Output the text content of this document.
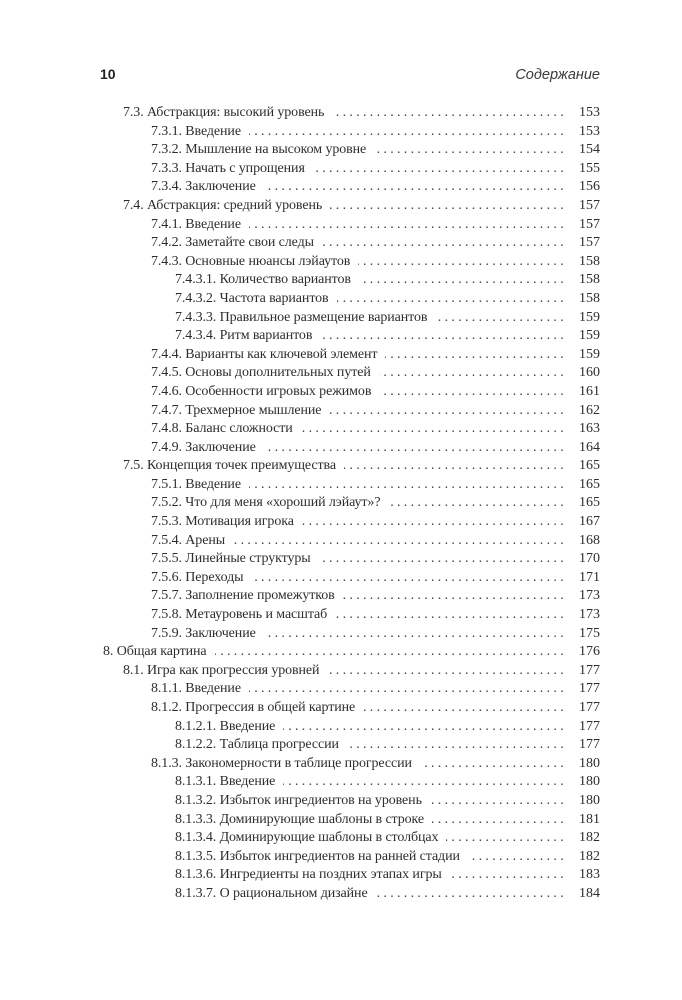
10	Содержание
7.3. Абстракция: высокий уровень .....	153
7.3.1. Введение .....	153
7.3.2. Мышление на высоком уровне .....	154
7.3.3. Начать с упрощения .....	155
7.3.4. Заключение .....	156
7.4. Абстракция: средний уровень .....	157
7.4.1. Введение .....	157
7.4.2. Заметайте свои следы .....	157
7.4.3. Основные нюансы лэйаутов .....	158
7.4.3.1. Количество вариантов .....	158
7.4.3.2. Частота вариантов .....	158
7.4.3.3. Правильное размещение вариантов .....	159
7.4.3.4. Ритм вариантов .....	159
7.4.4. Варианты как ключевой элемент .....	159
7.4.5. Основы дополнительных путей .....	160
7.4.6. Особенности игровых режимов .....	161
7.4.7. Трехмерное мышление .....	162
7.4.8. Баланс сложности .....	163
7.4.9. Заключение .....	164
7.5. Концепция точек преимущества .....	165
7.5.1. Введение .....	165
7.5.2. Что для меня «хороший лэйаут»? .....	165
7.5.3. Мотивация игрока .....	167
7.5.4. Арены .....	168
7.5.5. Линейные структуры .....	170
7.5.6. Переходы .....	171
7.5.7. Заполнение промежутков .....	173
7.5.8. Метауровень и масштаб .....	173
7.5.9. Заключение .....	175
8. Общая картина .....	176
8.1. Игра как прогрессия уровней .....	177
8.1.1. Введение .....	177
8.1.2. Прогрессия в общей картине .....	177
8.1.2.1. Введение .....	177
8.1.2.2. Таблица прогрессии .....	177
8.1.3. Закономерности в таблице прогрессии .....	180
8.1.3.1. Введение .....	180
8.1.3.2. Избыток ингредиентов на уровень .....	180
8.1.3.3. Доминирующие шаблоны в строке .....	181
8.1.3.4. Доминирующие шаблоны в столбцах .....	182
8.1.3.5. Избыток ингредиентов на ранней стадии .....	182
8.1.3.6. Ингредиенты на поздних этапах игры .....	183
8.1.3.7. О рациональном дизайне .....	184
